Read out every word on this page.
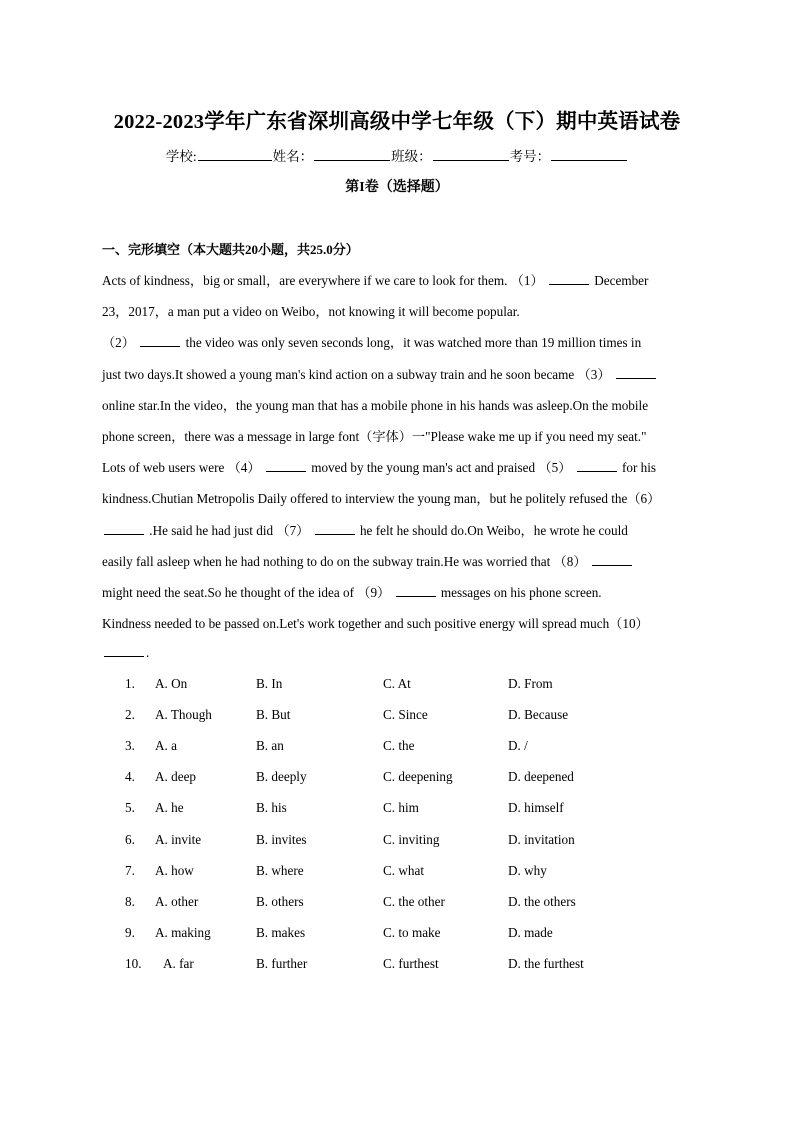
2022-2023学年广东省深圳高级中学七年级（下）期中英语试卷
学校:	姓名：	班级：	考号：
第I卷（选择题）
一、完形填空（本大题共20小题，共25.0分）
Acts of kindness，big or small，are everywhere if we care to look for them. （1）	December
23，2017，a man put a video on Weibo，not knowing it will become popular.
（2）	the video was only seven seconds long，it was watched more than 19 million times in
just two days.It showed a young man's kind action on a subway train and he soon became （3）
online star.In the video，the young man that has a mobile phone in his hands was asleep.On the mobile
phone screen，there was a message in large font（字体）一"Please wake me up if you need my seat."
Lots of web users were （4）	moved by the young man's act and praised （5）	for his
kindness.Chutian Metropolis Daily offered to interview the young man，but he politely refused the（6）
.He said he had just did （7）	he felt he should do.On Weibo，he wrote he could
easily fall asleep when he had nothing to do on the subway train.He was worried that （8）
might need the seat.So he thought of the idea of （9）	messages on his phone screen.
Kindness needed to be passed on.Let's work together and such positive energy will spread much（10）
.
1. A. On	B. In	C. At	D. From
2. A. Though	B. But	C. Since	D. Because
3. A. a	B. an	C. the	D. /
4. A. deep	B. deeply	C. deepening	D. deepened
5. A. he	B. his	C. him	D. himself
6. A. invite	B. invites	C. inviting	D. invitation
7. A. how	B. where	C. what	D. why
8. A. other	B. others	C. the other	D. the others
9. A. making	B. makes	C. to make	D. made
10. A. far	B. further	C. furthest	D. the furthest
